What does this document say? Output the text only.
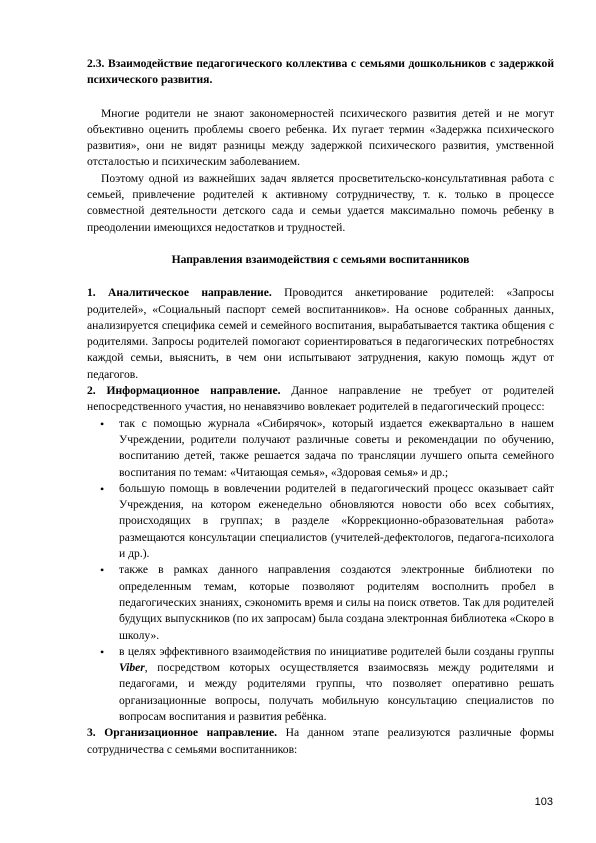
2.3. Взаимодействие педагогического коллектива с семьями дошкольников с задержкой психического развития.

Многие родители не знают закономерностей психического развития детей и не могут объективно оценить проблемы своего ребенка. Их пугает термин «Задержка психического развития», они не видят разницы между задержкой психического развития, умственной отсталостью и психическим заболеванием.

Поэтому одной из важнейших задач является просветительско-консультативная работа с семьей, привлечение родителей к активному сотрудничеству, т. к. только в процессе совместной деятельности детского сада и семьи удается максимально помочь ребенку в преодолении имеющихся недостатков и трудностей.

Направления взаимодействия с семьями воспитанников

1. Аналитическое направление. Проводится анкетирование родителей: «Запросы родителей», «Социальный паспорт семей воспитанников». На основе собранных данных, анализируется специфика семей и семейного воспитания, вырабатывается тактика общения с родителями. Запросы родителей помогают сориентироваться в педагогических потребностях каждой семьи, выяснить, в чем они испытывают затруднения, какую помощь ждут от педагогов.

2. Информационное направление. Данное направление не требует от родителей непосредственного участия, но ненавязчиво вовлекает родителей в педагогический процесс:

• так с помощью журнала «Сибирячок», который издается ежеквартально в нашем Учреждении, родители получают различные советы и рекомендации по обучению, воспитанию детей, также решается задача по трансляции лучшего опыта семейного воспитания по темам: «Читающая семья», «Здоровая семья» и др.;
• большую помощь в вовлечении родителей в педагогический процесс оказывает сайт Учреждения, на котором еженедельно обновляются новости обо всех событиях, происходящих в группах; в разделе «Коррекционно-образовательная работа» размещаются консультации специалистов (учителей-дефектологов, педагога-психолога и др.).
• также в рамках данного направления создаются электронные библиотеки по определенным темам, которые позволяют родителям восполнить пробел в педагогических знаниях, сэкономить время и силы на поиск ответов. Так для родителей будущих выпускников (по их запросам) была создана электронная библиотека «Скоро в школу».
• в целях эффективного взаимодействия по инициативе родителей были созданы группы Viber, посредством которых осуществляется взаимосвязь между родителями и педагогами, и между родителями группы, что позволяет оперативно решать организационные вопросы, получать мобильную консультацию специалистов по вопросам воспитания и развития ребёнка.

3. Организационное направление. На данном этапе реализуются различные формы сотрудничества с семьями воспитанников:

103
